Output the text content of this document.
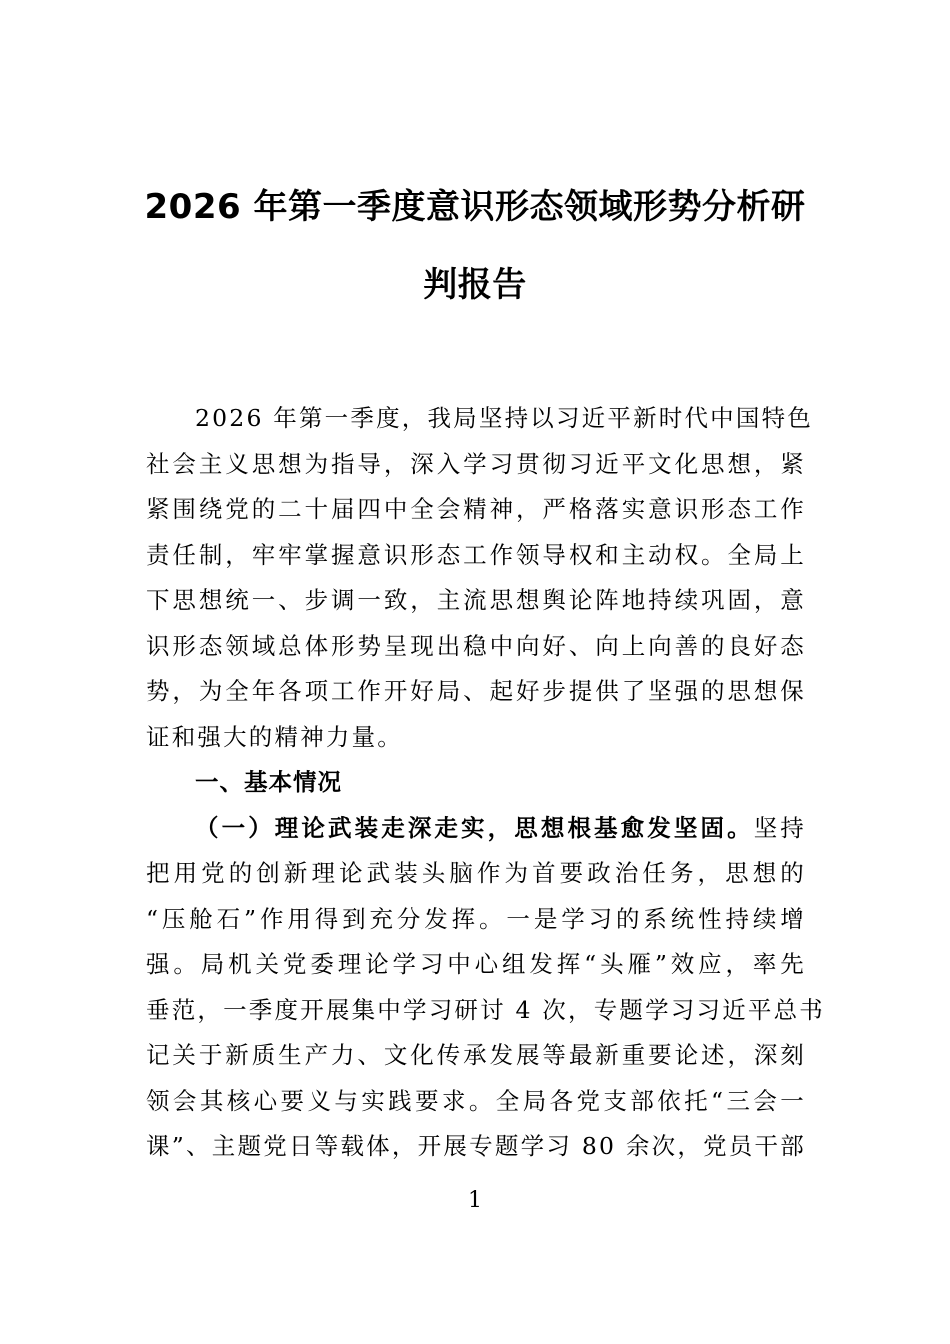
2026 年第一季度意识形态领域形势分析研
判报告
2026 年第一季度，我局坚持以习近平新时代中国特色
社会主义思想为指导，深入学习贯彻习近平文化思想，紧
紧围绕党的二十届四中全会精神，严格落实意识形态工作
责任制，牢牢掌握意识形态工作领导权和主动权。全局上
下思想统一、步调一致，主流思想舆论阵地持续巩固，意
识形态领域总体形势呈现出稳中向好、向上向善的良好态
势，为全年各项工作开好局、起好步提供了坚强的思想保
证和强大的精神力量。
一、基本情况
（一）理论武装走深走实，思想根基愈发坚固。坚持
把用党的创新理论武装头脑作为首要政治任务，思想的
“压舱石”作用得到充分发挥。一是学习的系统性持续增
强。局机关党委理论学习中心组发挥“头雁”效应，率先
垂范，一季度开展集中学习研讨 4 次，专题学习习近平总书
记关于新质生产力、文化传承发展等最新重要论述，深刻
领会其核心要义与实践要求。全局各党支部依托“三会一
课”、主题党日等载体，开展专题学习 80 余次，党员干部
1
